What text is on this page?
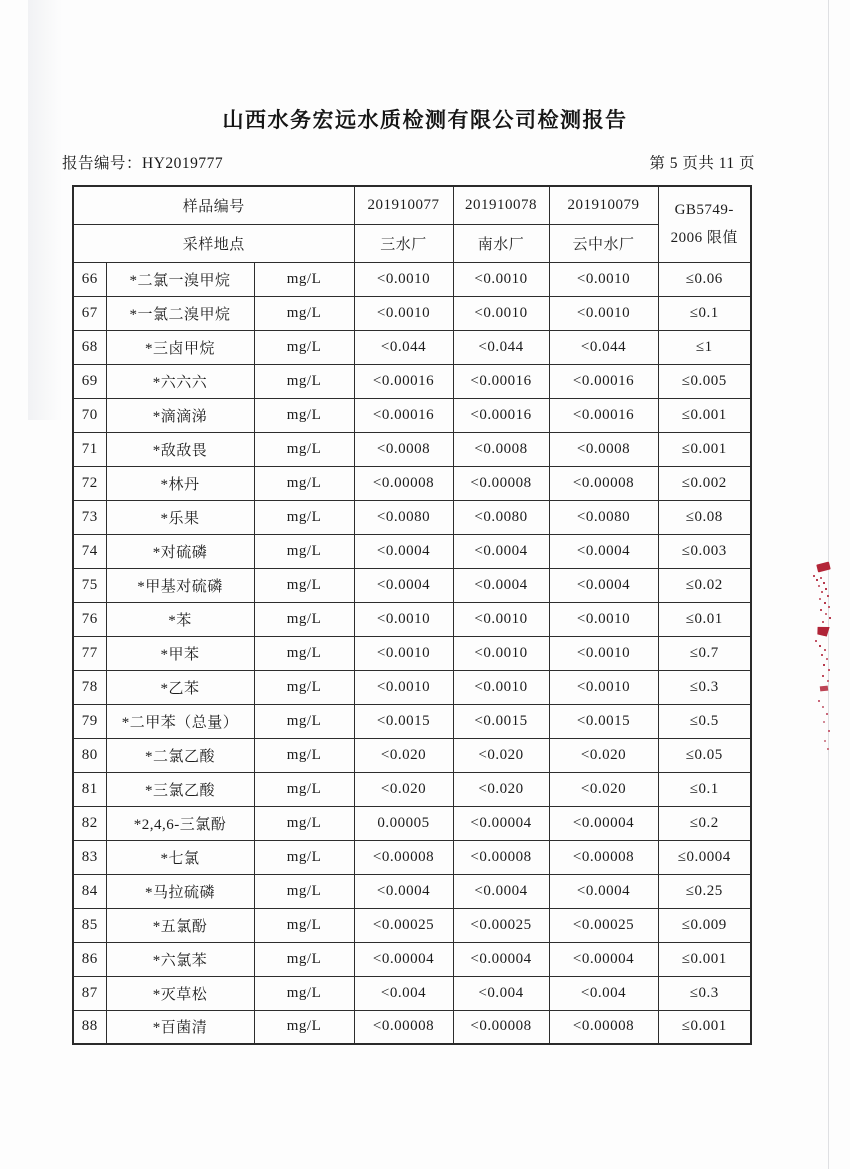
山西水务宏远水质检测有限公司检测报告
报告编号：HY2019777	第 5 页共 11 页
样品编号			201910077	201910078	201910079	GB5749-
2006 限值

采样地点			三水厂	南水厂	云中水厂	
66	*二氯一溴甲烷	mg/L	<0.0010	<0.0010	<0.0010	≤0.06
67	*一氯二溴甲烷	mg/L	<0.0010	<0.0010	<0.0010	≤0.1
68	*三卤甲烷	mg/L	<0.044	<0.044	<0.044	≤1
69	*六六六	mg/L	<0.00016	<0.00016	<0.00016	≤0.005
70	*滴滴涕	mg/L	<0.00016	<0.00016	<0.00016	≤0.001
71	*敌敌畏	mg/L	<0.0008	<0.0008	<0.0008	≤0.001
72	*林丹	mg/L	<0.00008	<0.00008	<0.00008	≤0.002
73	*乐果	mg/L	<0.0080	<0.0080	<0.0080	≤0.08
74	*对硫磷	mg/L	<0.0004	<0.0004	<0.0004	≤0.003
75	*甲基对硫磷	mg/L	<0.0004	<0.0004	<0.0004	≤0.02
76	*苯	mg/L	<0.0010	<0.0010	<0.0010	≤0.01
77	*甲苯	mg/L	<0.0010	<0.0010	<0.0010	≤0.7
78	*乙苯	mg/L	<0.0010	<0.0010	<0.0010	≤0.3
79	*二甲苯（总量）	mg/L	<0.0015	<0.0015	<0.0015	≤0.5
80	*二氯乙酸	mg/L	<0.020	<0.020	<0.020	≤0.05
81	*三氯乙酸	mg/L	<0.020	<0.020	<0.020	≤0.1
82	*2,4,6-三氯酚	mg/L	0.00005	<0.00004	<0.00004	≤0.2
83	*七氯	mg/L	<0.00008	<0.00008	<0.00008	≤0.0004
84	*马拉硫磷	mg/L	<0.0004	<0.0004	<0.0004	≤0.25
85	*五氯酚	mg/L	<0.00025	<0.00025	<0.00025	≤0.009
86	*六氯苯	mg/L	<0.00004	<0.00004	<0.00004	≤0.001
87	*灭草松	mg/L	<0.004	<0.004	<0.004	≤0.3
88	*百菌清	mg/L	<0.00008	<0.00008	<0.00008	≤0.001
